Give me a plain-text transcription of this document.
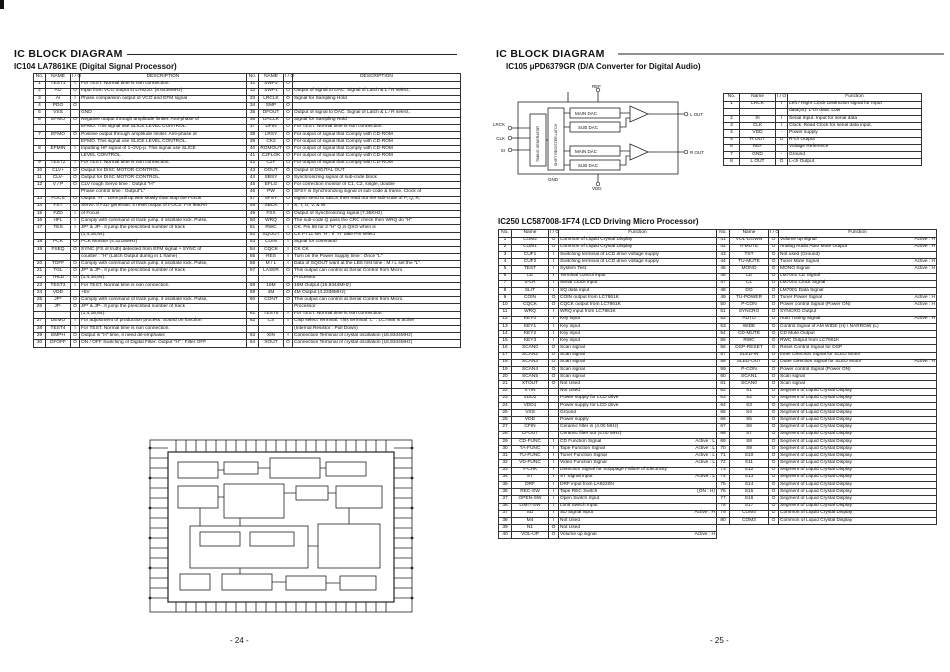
IC BLOCK DIAGRAM
IC104 LA7861KE (Digital Signal Processor)
No.	NAME	I / O	DESCRIPTION
1	TEST1	I	For TEST. Normal time is non connection.
2	AO	O	Input from VCO output in LA9210. (8.6436MHz)
3	AI	I	Phase comparison output of VCO and EFM signal
4	PDO	O	
5	VSS		GND
6	EFMO	O	Negative output through amplitude limiter. Anti-phase of
			EFMO. This signal use SLICE LEVEL CONTROL.
7	EFMO	O	Positive output through amplitude limiter. Anti-phase of
			EFMO. This signal use SLICE LEVEL CONTROL.
8	EFMIN	I	Inputting HF signal of 1~2Vp-p. This signal use SLICE
			LEVEL CONTROL.
9	TEST2	I	For TEST. Normal time is non connection.
10	CLV+	O	Output for DISC MOTOR CONTROL.
11	CLV-	O	Output for DISC MOTOR CONTROL.
12	V / P	O	CLV rough Servo time : Output "H"
			Phase control time : Output"L"
13	FOCS	O	Output "H" : Lens pull up with slowly than stop the Focus
14	FST	O	Servo. If FZD generate, it reset output of FOCS. For lead-in
15	FZD	I	of Focus
16	HFL	I	Comply with command of track jump, it oscillate kick. Pulse,
17	TES	I	JP* & JP-. It jump the prescribed number of track
			(1,4,16,64).
18	PCK	O	PCK Monitor (4.3218MHz)
19	FSEQ	O	SYNC (FS of truth) detected from EFM signal + SYNC of
			counter : "H" (Latch Output during in 1 frame)
20	TOFF	O	Comply with command of track jump, it oscillate kick. Pulse,
21	TGL	O	JP* & JP-. It jump the prescribed number of track
22	THLD	O	(1,4,16,64).
23	TEST3	I	For TEST. Normal time is non connection.
24	VDD		+5V
25	JP*	O	Comply with command of track jump, it oscillate kick. Pulse,
26	JP-	O	JP* & JP-. It jump the prescribed number of track
			(1,4,16,64).
27	DEMO	I	For adjustment of production process. Sound on function
28	TEST4	I	For TEST. Normal time is non connection.
29	EMPH	O	Output is "H" time, it need de-emphasis
30	DFOFF	O	ON / OFF Switching of Digital Filter. Output "H" : Filter OFF
No.	NAME	I / O	DESCRIPTION
31	SWP2	O	
32	SWP1	O	Output of signal to DAC. Signal of Latch & L / R select,
33	LRCLK	O	Signal for Sampling Hold
34	SMP	O	
35	DFOUT	O	Output of signal to DAC. Signal of Latch & L / R select,
36	DACLK	O	Signal for Sampling Hold
37	DFIN	O	For TEST. Normal time is non connection.
38	LRSY	O	For output of signal that Comply with CD-ROM
39	CK2	O	For output of signal that Comply with CD-ROM
40	ROMOUT	O	For output of signal that Comply with CD-ROM
41	C2FLOK	O	For output of signal that Comply with CD-ROM
42	C2F	O	For output of signal that Comply with CD-ROM
43	DOUT	O	Output of DIGITAL OUT
44	SBSY	O	Synchronizing signal of sub-code block
45	EFLG	O	For correction monitor of C1, C2, single, double
46	PW	O	SFSY is Synchronizing signal of sub-code & frame. Clock of
47	SFSY	O	eighth send to SBCK then read out the sub-code of P, Q, R,
48	SBCK	I	S, T, U, V, & W.
49	FSX	O	Output of Synchronizing signal (7.35KHz)
50	WRQ	O	The sub-code Q pass the CRC check then WRQ do "H"
51	RWC	I	CK. Pin 58 for 2 "H" Q in QSO when is
52	SQOUT	O	CK PT11 set "H". If "H" take Pin select
53	COIN	I	Signal for command
54	CQCK	I	CK CK
55	RES	I	Turn on the Power Supply time : Once "L"
56	M / L	I	Data of SQOUT want at the LBS first time : M / L set the "L".
57	LASER	O	This output can control at Serial Control from Micro
			Processor
58	16M	O	16M Output (16.9344MHz)
59	4M	O	4M Output (4.2336MHz)
60	CONT	O	This output can control at Serial Control from Micro
			Processor
61	TEST5	I	For TEST. Normal time is non connection.
62	CS	I	Chip select Terminal. This terminal "L" : LC7866 is active
			(Internal Resistor : Pull Down)
63	XIN	I	Connection Terminal of crystal oscillation (16.9344MHz)
64	XOUT	O	Connection Terminal of crystal oscillation (16.9344MHz)
- 24 -
IC BLOCK DIAGRAM
IC105 μPD6379GR (D/A Converter for Digital Audio)
MAIN DAC
SUB DAC
MAIN DAC
SUB DAC
LRCK
CLK
SI
L OUT
R OUT
REF
VDD
GND
TIMING GENERATOR	SHIFT REGISTER LATCH
No.	Name	I / O	Function
1	LRCK	I	Left / Right Clock Distinction signal for Input
			data(SI). L-ch data: Low
2	SI	I	Serial Input. Input for serial data
3	CLK	I	Clock. Read Clock for serial data input.
4	VDD	-	Power supply
5	R OUT	O	R-ch Output
6	REF	-	Voltage Reference
7	GND	-	Ground
8	L OUT	O	L-ch Output
IC250 LC587008-1F74 (LCD Driving Micro Processor)
No.	Name	I / O	Function
1	COM2	O	Common of Liquid Crystal Display

2	COM1	O	Common of Liquid Crystal Display

3	CUF1	I	Switching terminal of LCD drive voltage supply

4	CUF2	I	Switching terminal of LCD drive voltage supply

5	TEST	I	System Test

6	CE	I	Terminal control input

7	S-LR	I	Serial Clock input

8	SLIT	I	SQ data input

9	COIN	O	COIN output from LC7861K

10	CQCK	O	CQCK output from LC7861K

11	WRQ	I	WRQ input from LC7861K

12	KEY0	I	Key input

13	KEY1	I	Key input

14	KEY2	I	Key input

15	KEY3	I	Key input

16	SCAN0	O	Scan signal

17	SCAN2	O	Scan signal

18	SCAN3	O	Scan signal

19	SCAN4	O	Scan signal

20	SCAN5	O	Scan signal

21	XTOUT	O	Not Used

22	XTIN		Not Used

23	VDD2		Power supply for LCD drive

24	VDD1		Power supply for LCD drive

25	VSS		Ground

26	VDD		Power supply

27	CFIN		Ceramic filter in (4.00 MHz)

28	CFOUT		Ceramic filter out (4.00 MHz)

29	CD-FUNC	I	CD Function Signal Active : L

30	TA-FUNC	I	Tape Function Signal Active : L

31	TU-FUNC	I	Tuner Function Signal Active : L

32	VD-FUNC	I	Video Function Signal Active : L

33	V-CHK	I	Detection Signal for Stoppage Failure of Electricity

34	ST	I	ST Signal input Active : L

35	DRF	I	DRF input from LA9220N

36	REC-SW	I	Tape REC Switch (ON : H)

37	OPEN-SW	I	Open Switch Input

38	LIMIT-SW	I	Limit Switch Input

37	SD	I	SD Signal input Active : H

38	M4	I	Not Used

39	N1	O	Not Used

40	VOL-UP	O	Volume up signal Active : H
No.	Name	I / O	Function
41	VOL-DOWN	O	Volume up signal Active : H

42	A-MUTE	O	Analog Audio Auto Mute Output Active : H

43	TST	O	Not used (Ground)

44	TU-MUTE	O	Tuner Mute Signal Active : H

45	MONO	O	MONO Signal Active : H

46	CE	O	LM7001 CE Signal

47	CL	O	LM7001 Clock Signal

48	DO	O	LM7001 Data Signal

49	TU-POWER	O	Tuner Power Signal Active : H

50	P-CON	O	Power control Signal (Power ON) Active : H

51	SYNCRO	O	SYNCRO Output

52	AUTO	O	Auto Tuning Signal Active : H

53	WIDE	O	Control Signal of AM WIDE (H) / NARROW (L)

54	CD-MUTE	O	CD Mute Output

55	RWC	O	RWC Output from LC7861K

56	DSP-RESET	O	Reset Control Signal for DSP

57	SLED-IN	O	Inner Direction Signal for SLED Motor

58	SLED-OUT	O	Outer Direction Signal for SLED Motor Active : H

59	P-CON	O	Power control Signal (Power ON)

60	SCAN1	O	Scan signal

61	SCAN0	O	Scan signal

62	S1	O	Segment of Liquid Crystal Display

63	S2	O	Segment of Liquid Crystal Display

64	S3	O	Segment of Liquid Crystal Display

65	S4	O	Segment of Liquid Crystal Display

66	S5	O	Segment of Liquid Crystal Display

67	S6	O	Segment of Liquid Crystal Display

68	S7	O	Segment of Liquid Crystal Display

69	S8	O	Segment of Liquid Crystal Display

70	S9	O	Segment of Liquid Crystal Display

71	S10	O	Segment of Liquid Crystal Display

72	S11	O	Segment of Liquid Crystal Display

73	S12	O	Segment of Liquid Crystal Display

74	S13	O	Segment of Liquid Crystal Display

75	S14	O	Segment of Liquid Crystal Display

76	S15	O	Segment of Liquid Crystal Display

77	S16	O	Segment of Liquid Crystal Display

78	S17	O	Segment of Liquid Crystal Display

79	COM4	O	Common of Liquid Crystal Display

80	COM3	O	Common of Liquid Crystal Display
- 25 -
